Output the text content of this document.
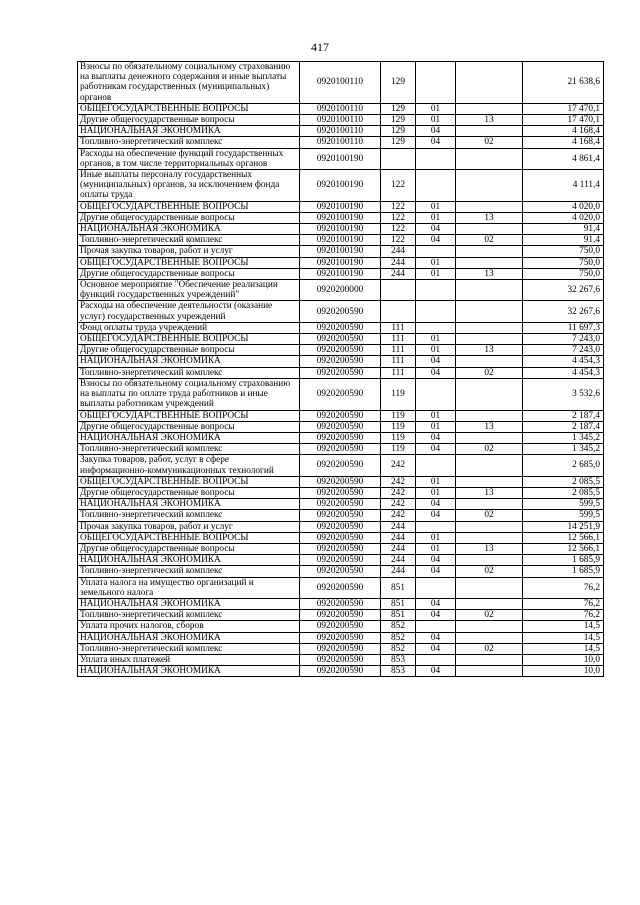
417
Взносы по обязательному социальному страхованию на выплаты денежного содержания и иные выплаты работникам государственных (муниципальных) органов	0920100110	129			21 638,6
ОБЩЕГОСУДАРСТВЕННЫЕ ВОПРОСЫ	0920100110	129	01		17 470,1
Другие общегосударственные вопросы	0920100110	129	01	13	17 470,1
НАЦИОНАЛЬНАЯ ЭКОНОМИКА	0920100110	129	04		4 168,4
Топливно-энергетический комплекс	0920100110	129	04	02	4 168,4
Расходы на обеспечение функций государственных органов, в том числе территориальных органов	0920100190				4 861,4
Иные выплаты персоналу государственных (муниципальных) органов, за исключением фонда оплаты труда	0920100190	122			4 111,4
ОБЩЕГОСУДАРСТВЕННЫЕ ВОПРОСЫ	0920100190	122	01		4 020,0
Другие общегосударственные вопросы	0920100190	122	01	13	4 020,0
НАЦИОНАЛЬНАЯ ЭКОНОМИКА	0920100190	122	04		91,4
Топливно-энергетический комплекс	0920100190	122	04	02	91,4
Прочая закупка товаров, работ и услуг	0920100190	244			750,0
ОБЩЕГОСУДАРСТВЕННЫЕ ВОПРОСЫ	0920100190	244	01		750,0
Другие общегосударственные вопросы	0920100190	244	01	13	750,0
Основное мероприятие "Обеспечение реализации функций государственных учреждений"	0920200000				32 267,6
Расходы на обеспечение деятельности (оказание услуг) государственных учреждений	0920200590				32 267,6
Фонд оплаты труда учреждений	0920200590	111			11 697,3
ОБЩЕГОСУДАРСТВЕННЫЕ ВОПРОСЫ	0920200590	111	01		7 243,0
Другие общегосударственные вопросы	0920200590	111	01	13	7 243,0
НАЦИОНАЛЬНАЯ ЭКОНОМИКА	0920200590	111	04		4 454,3
Топливно-энергетический комплекс	0920200590	111	04	02	4 454,3
Взносы по обязательному социальному страхованию на выплаты по оплате труда работников и иные выплаты работникам учреждений	0920200590	119			3 532,6
ОБЩЕГОСУДАРСТВЕННЫЕ ВОПРОСЫ	0920200590	119	01		2 187,4
Другие общегосударственные вопросы	0920200590	119	01	13	2 187,4
НАЦИОНАЛЬНАЯ ЭКОНОМИКА	0920200590	119	04		1 345,2
Топливно-энергетический комплекс	0920200590	119	04	02	1 345,2
Закупка товаров, работ, услуг в сфере информационно-коммуникационных технологий	0920200590	242			2 685,0
ОБЩЕГОСУДАРСТВЕННЫЕ ВОПРОСЫ	0920200590	242	01		2 085,5
Другие общегосударственные вопросы	0920200590	242	01	13	2 085,5
НАЦИОНАЛЬНАЯ ЭКОНОМИКА	0920200590	242	04		599,5
Топливно-энергетический комплекс	0920200590	242	04	02	599,5
Прочая закупка товаров, работ и услуг	0920200590	244			14 251,9
ОБЩЕГОСУДАРСТВЕННЫЕ ВОПРОСЫ	0920200590	244	01		12 566,1
Другие общегосударственные вопросы	0920200590	244	01	13	12 566,1
НАЦИОНАЛЬНАЯ ЭКОНОМИКА	0920200590	244	04		1 685,9
Топливно-энергетический комплекс	0920200590	244	04	02	1 685,9
Уплата налога на имущество организаций и земельного налога	0920200590	851			76,2
НАЦИОНАЛЬНАЯ ЭКОНОМИКА	0920200590	851	04		76,2
Топливно-энергетический комплекс	0920200590	851	04	02	76,2
Уплата прочих налогов, сборов	0920200590	852			14,5
НАЦИОНАЛЬНАЯ ЭКОНОМИКА	0920200590	852	04		14,5
Топливно-энергетический комплекс	0920200590	852	04	02	14,5
Уплата иных платежей	0920200590	853			10,0
НАЦИОНАЛЬНАЯ ЭКОНОМИКА	0920200590	853	04		10,0
